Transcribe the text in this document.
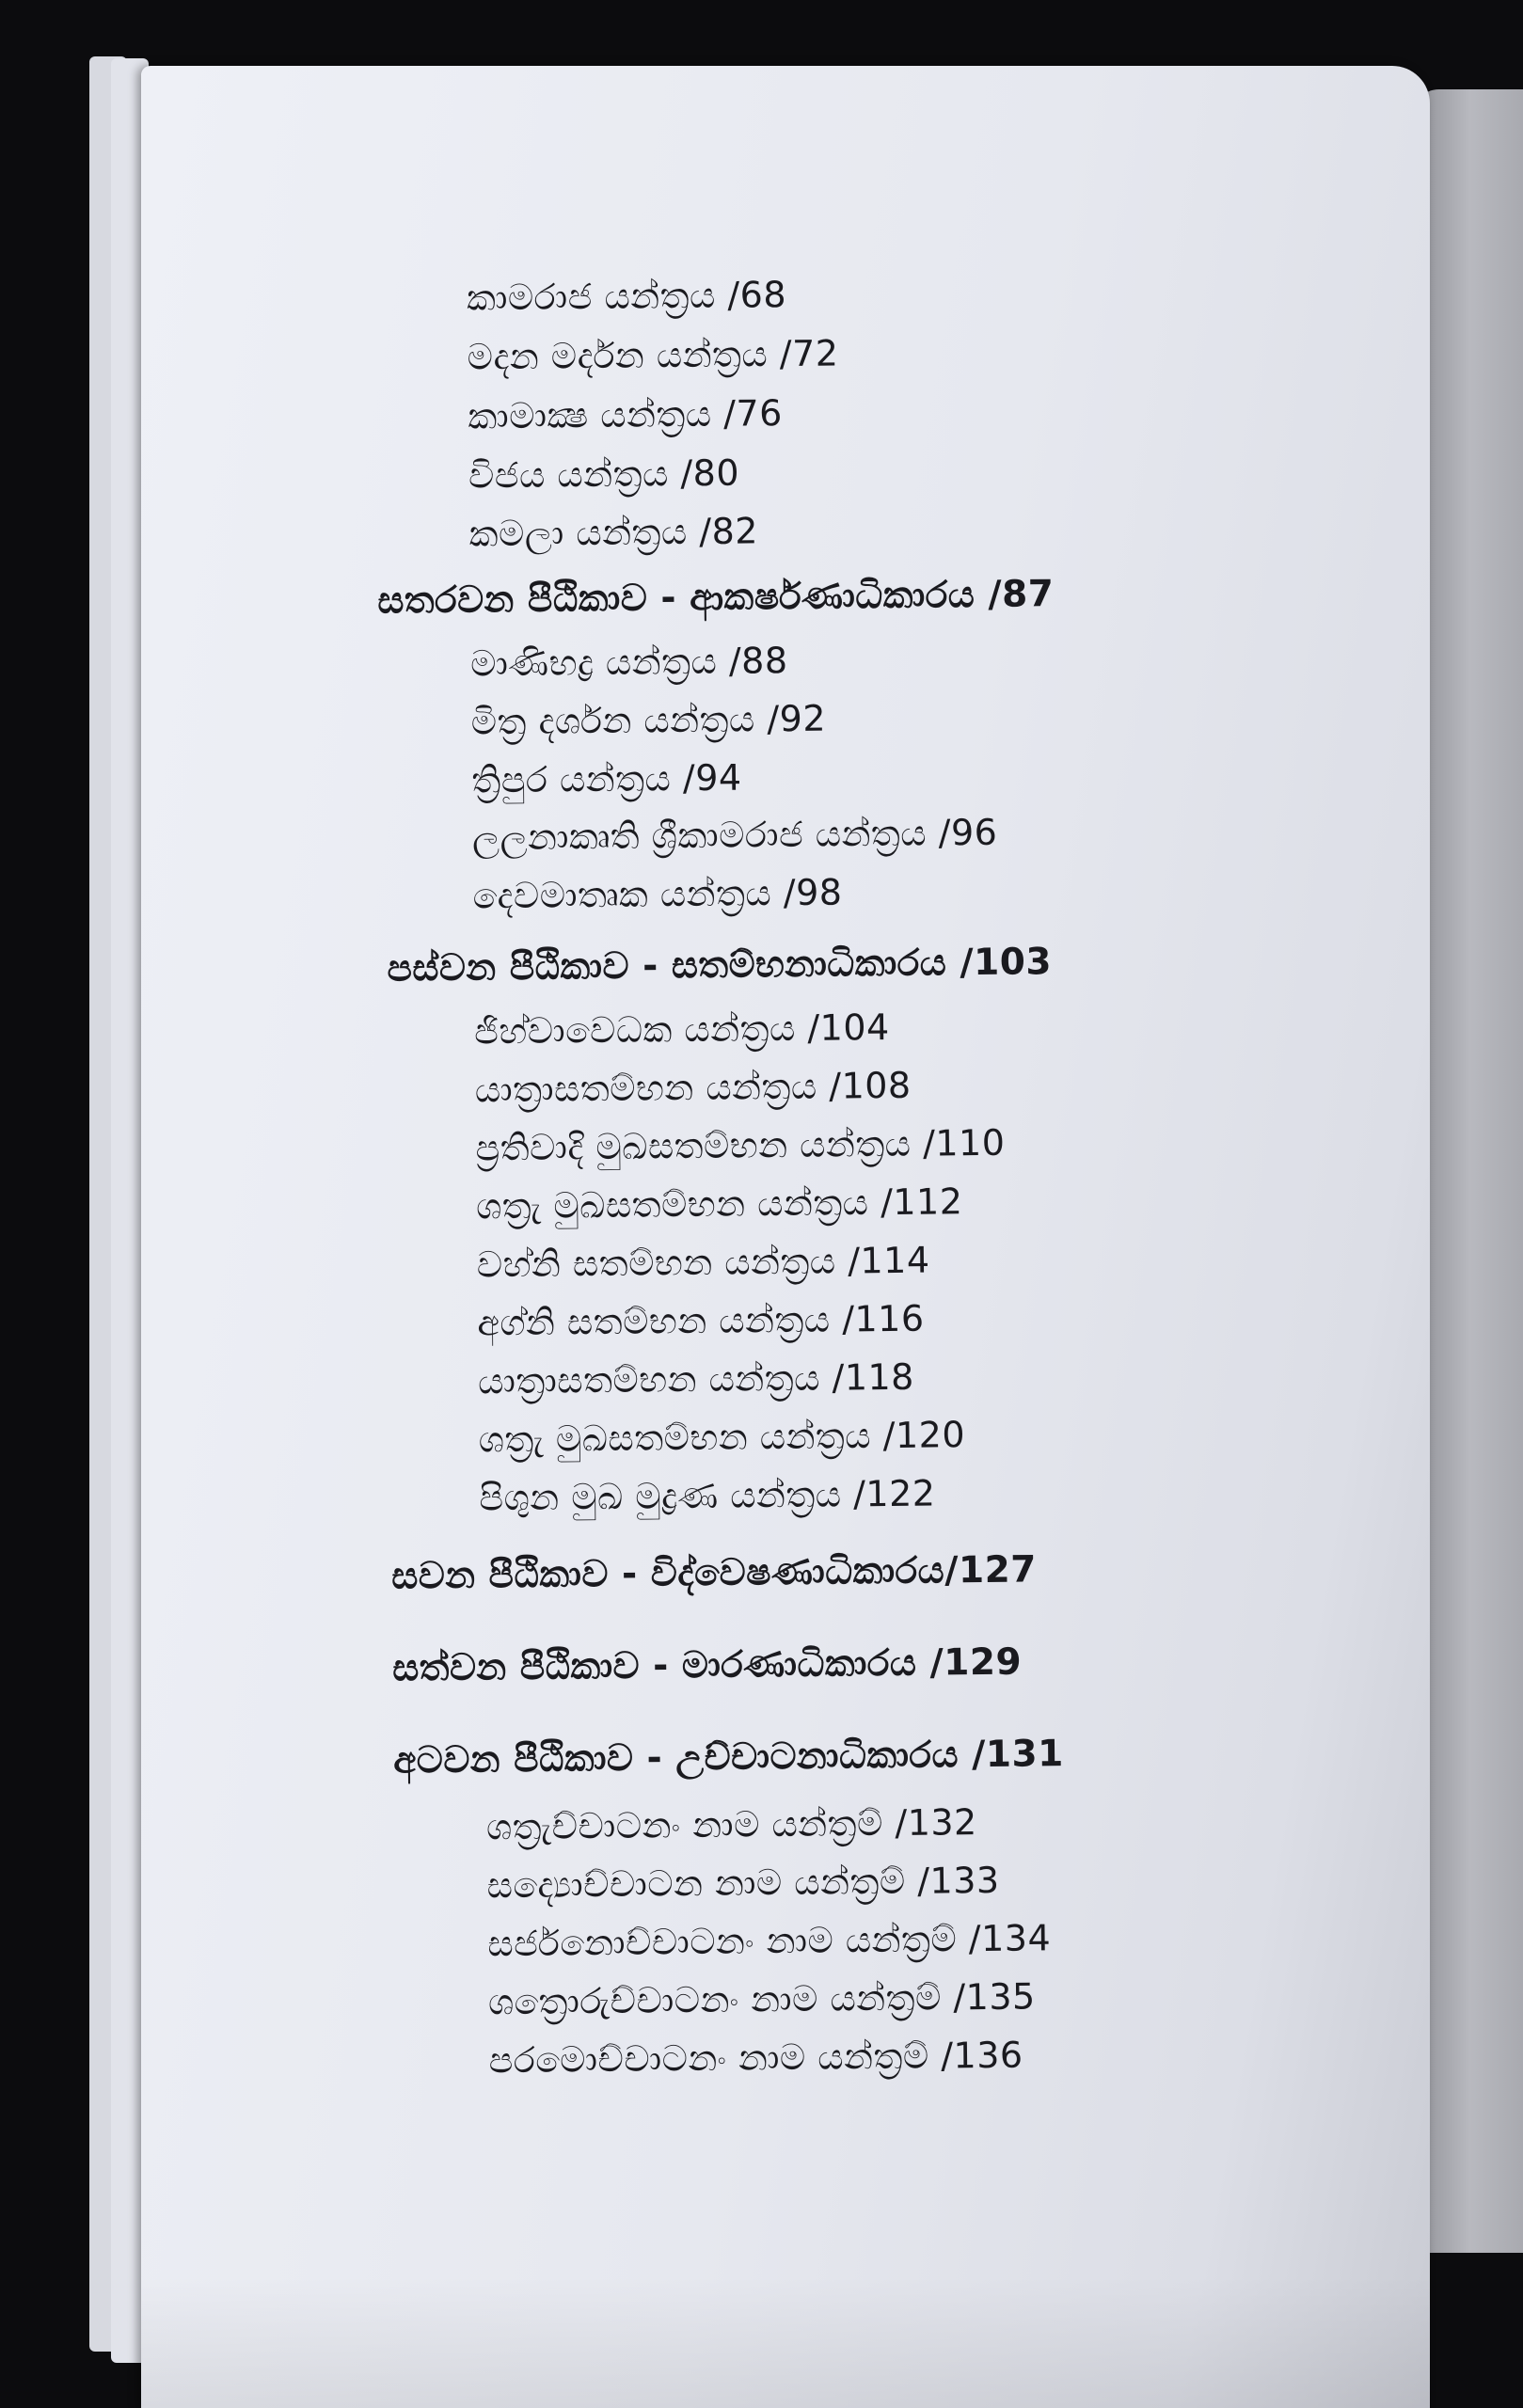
කාමරාජ යන්ත්‍රය /68
මදන මර්දන යන්ත්‍රය /72
කාමාක්‍ෂ යන්ත්‍රය /76
විජය යන්ත්‍රය /80
කමලා යන්ත්‍රය /82
සතරවන පීඨිකාව - ආකර්ෂණාධිකාරය /87
මාණිභද්‍ර යන්ත්‍රය /88
මිත්‍ර දර්ශන යන්ත්‍රය /92
ත්‍රිපුර යන්ත්‍රය /94
ලලනාකෘති ශ්‍රීකාමරාජ යන්ත්‍රය /96
දෙවමාතෘක යන්ත්‍රය /98
පස්වන පීඨිකාව - සතම්භනාධිකාරය /103
ජිහ්වාවෙධක යන්ත්‍රය /104
යාත්‍රාසතම්භන යන්ත්‍රය /108
ප්‍රතිවාදි මුඛසතම්භන යන්ත්‍රය /110
ශත්‍රැ මුඛසතම්භන යන්ත්‍රය /112
වහ්නි සතම්භන යන්ත්‍රය /114
අග්නි සතම්භන යන්ත්‍රය /116
යාත්‍රාසතම්භන යන්ත්‍රය /118
ශත්‍රැ මුඛසතම්භන යන්ත්‍රය /120
පිශුන මුඛ මුද්‍රණ යන්ත්‍රය /122
සවන පීඨිකාව - විද්වෙෂණාධිකාරය/127
සත්වන පීඨිකාව - මාරණාධිකාරය /129
අටවන පීඨිකාව - උච්චාටනාධිකාරය /131
ශත්‍රැච්චාටනං නාම යන්ත්‍රම් /132
සද්‍යොච්චාටන නාම යන්ත්‍රම් /133
සර්ජනොච්චාටනං නාම යන්ත්‍රම් /134
ශත්‍රොරුච්චාටනං නාම යන්ත්‍රම් /135
පරමොච්චාටනං නාම යන්ත්‍රම් /136
